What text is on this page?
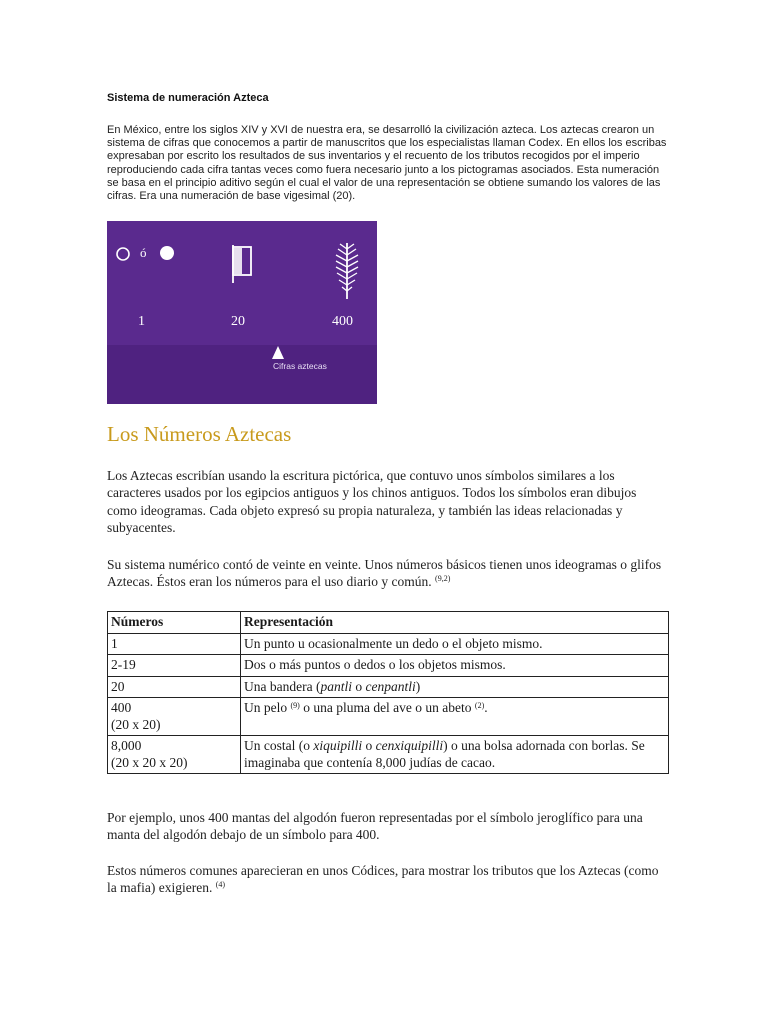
Sistema de numeración Azteca

En México, entre los siglos XIV y XVI de nuestra era, se desarrolló la civilización azteca. Los aztecas crearon un sistema de cifras que conocemos a partir de manuscritos que los especialistas llaman Codex. En ellos los escribas expresaban por escrito los resultados de sus inventarios y el recuento de los tributos recogidos por el imperio reproduciendo cada cifra tantas veces como fuera necesario junto a los pictogramas asociados. Esta numeración se basa en el principio aditivo según el cual el valor de una representación se obtiene sumando los valores de las cifras. Era una numeración de base vigesimal (20).

ó
1	20	400
Cifras aztecas
Los Números Aztecas

Los Aztecas escribían usando la escritura pictórica, que contuvo unos símbolos similares a los caracteres usados por los egipcios antiguos y los chinos antiguos. Todos los símbolos eran dibujos como ideogramas. Cada objeto expresó su propia naturaleza, y también las ideas relacionadas y subyacentes.

Su sistema numérico contó de veinte en veinte. Unos números básicos tienen unos ideogramas o glifos Aztecas. Éstos eran los números para el uso diario y común. $^{(9,2)}$

Números	Representación
1	Un punto u ocasionalmente un dedo o el objeto mismo.
2-19	Dos o más puntos o dedos o los objetos mismos.
20	Una bandera (pantli o cenpantli)
400
(20 x 20)	Un pelo $^{(9)}$ o una pluma del ave o un abeto $^{(2)}$.
8,000
(20 x 20 x 20)	Un costal (o xiquipilli o cenxiquipilli) o una bolsa adornada con borlas. Se imaginaba que contenía 8,000 judías de cacao.

Por ejemplo, unos 400 mantas del algodón fueron representadas por el símbolo jeroglífico para una manta del algodón debajo de un símbolo para 400.

Estos números comunes aparecieran en unos Códices, para mostrar los tributos que los Aztecas (como la mafia) exigieren. $^{(4)}$
